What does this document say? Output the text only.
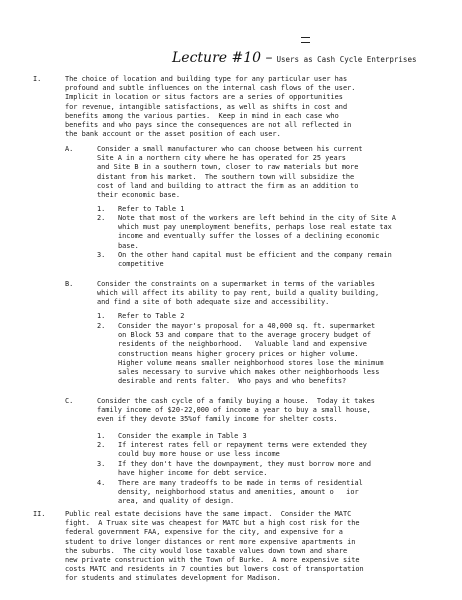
Lecture #10 – Users as Cash Cycle Enterprises
I.	The choice of location and building type for any particular user has
profound and subtle influences on the internal cash flows of the user.
Implicit in location or situs factors are a series of opportunities
for revenue, intangible satisfactions, as well as shifts in cost and
benefits among the various parties.  Keep in mind in each case who
benefits and who pays since the consequences are not all reflected in
the bank account or the asset position of each user.
A.	Consider a small manufacturer who can choose between his current
Site A in a northern city where he has operated for 25 years
and Site B in a southern town, closer to raw materials but more
distant from his market.  The southern town will subsidize the
cost of land and building to attract the firm as an addition to
their economic base.
1. Refer to Table 1
2. Note that most of the workers are left behind in the city of Site A
which must pay unemployment benefits, perhaps lose real estate tax
income and eventually suffer the losses of a declining economic
base.
3. On the other hand capital must be efficient and the company remain
competitive
B.	Consider the constraints on a supermarket in terms of the variables
which will affect its ability to pay rent, build a quality building,
and find a site of both adequate size and accessibility.
1. Refer to Table 2
2. Consider the mayor's proposal for a 40,000 sq. ft. supermarket
on Block 53 and compare that to the average grocery budget of
residents of the neighborhood.   Valuable land and expensive
construction means higher grocery prices or higher volume.
Higher volume means smaller neighborhood stores lose the minimum
sales necessary to survive which makes other neighborhoods less
desirable and rents falter.  Who pays and who benefits?
C.	Consider the cash cycle of a family buying a house.  Today it takes
family income of $20-22,000 of income a year to buy a small house,
even if they devote 35%of family income for shelter costs.
1. Consider the example in Table 3
2. If interest rates fell or repayment terms were extended they
could buy more house or use less income
3. If they don't have the downpayment, they must borrow more and
have higher income for debt service.
4. There are many tradeoffs to be made in terms of residential
density, neighborhood status and amenities, amount o   ior
area, and quality of design.
II.	Public real estate decisions have the same impact.  Consider the MATC
fight.  A Truax site was cheapest for MATC but a high cost risk for the
federal government FAA, expensive for the city, and expensive for a
student to drive longer distances or rent more expensive apartments in
the suburbs.  The city would lose taxable values down town and share
new private construction with the Town of Burke.  A more expensive site
costs MATC and residents in 7 counties but lowers cost of transportation
for students and stimulates development for Madison.
